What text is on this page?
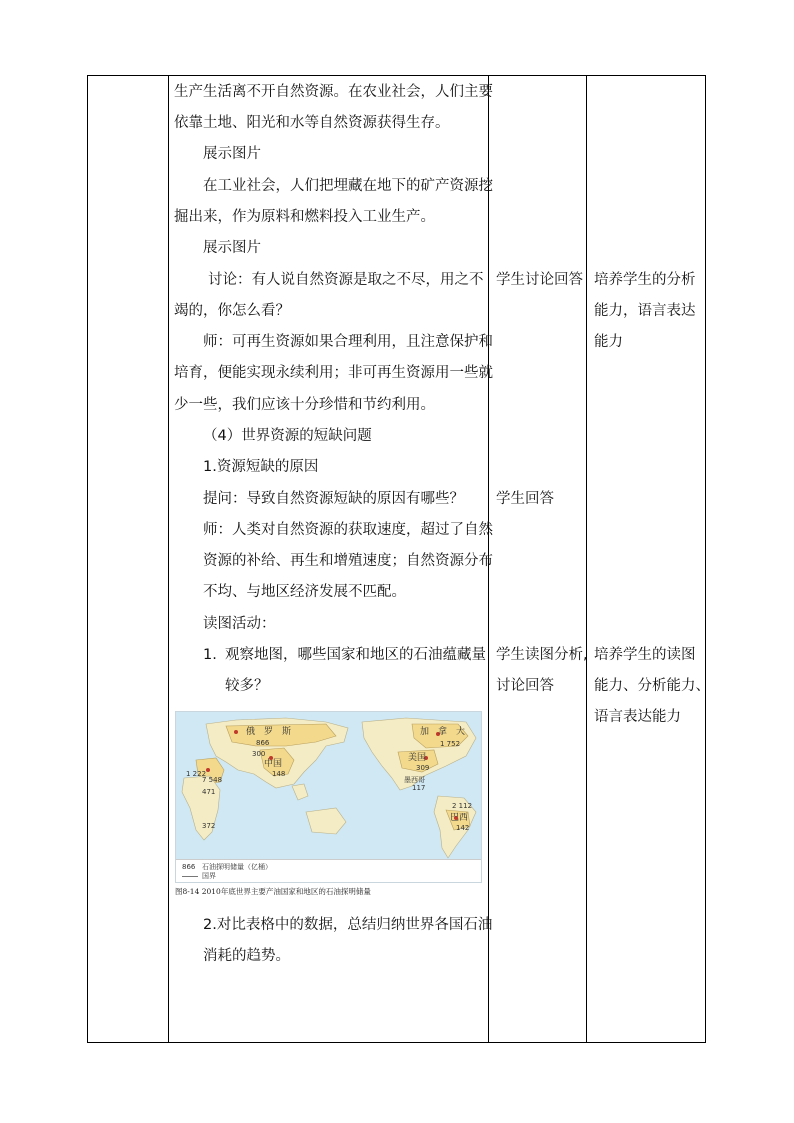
生产生活离不开自然资源。在农业社会，人们主要
依靠土地、阳光和水等自然资源获得生存。
展示图片
在工业社会，人们把埋藏在地下的矿产资源挖
掘出来，作为原料和燃料投入工业生产。
展示图片
讨论：有人说自然资源是取之不尽，用之不
竭的，你怎么看？
师：可再生资源如果合理利用，且注意保护和
培育，便能实现永续利用；非可再生资源用一些就
少一些，我们应该十分珍惜和节约利用。
（4）世界资源的短缺问题
1.资源短缺的原因
提问：导致自然资源短缺的原因有哪些？
师：人类对自然资源的获取速度，超过了自然
资源的补给、再生和增殖速度；自然资源分布
不均、与地区经济发展不匹配。
读图活动：
1. 观察地图，哪些国家和地区的石油蕴藏量
较多？
俄　罗　斯
866
中国
148
300
1 222
7 548
471
372
加　拿　大
1 752
美国
309
墨西哥
117
2 112
巴西
142
866 石油探明储量（亿桶）
国界
图8-14 2010年底世界主要产油国家和地区的石油探明储量
2.对比表格中的数据，总结归纳世界各国石油
消耗的趋势。
学生讨论回答
学生回答
学生读图分析,
讨论回答
培养学生的分析
能力，语言表达
能力
培养学生的读图
能力、分析能力、
语言表达能力
